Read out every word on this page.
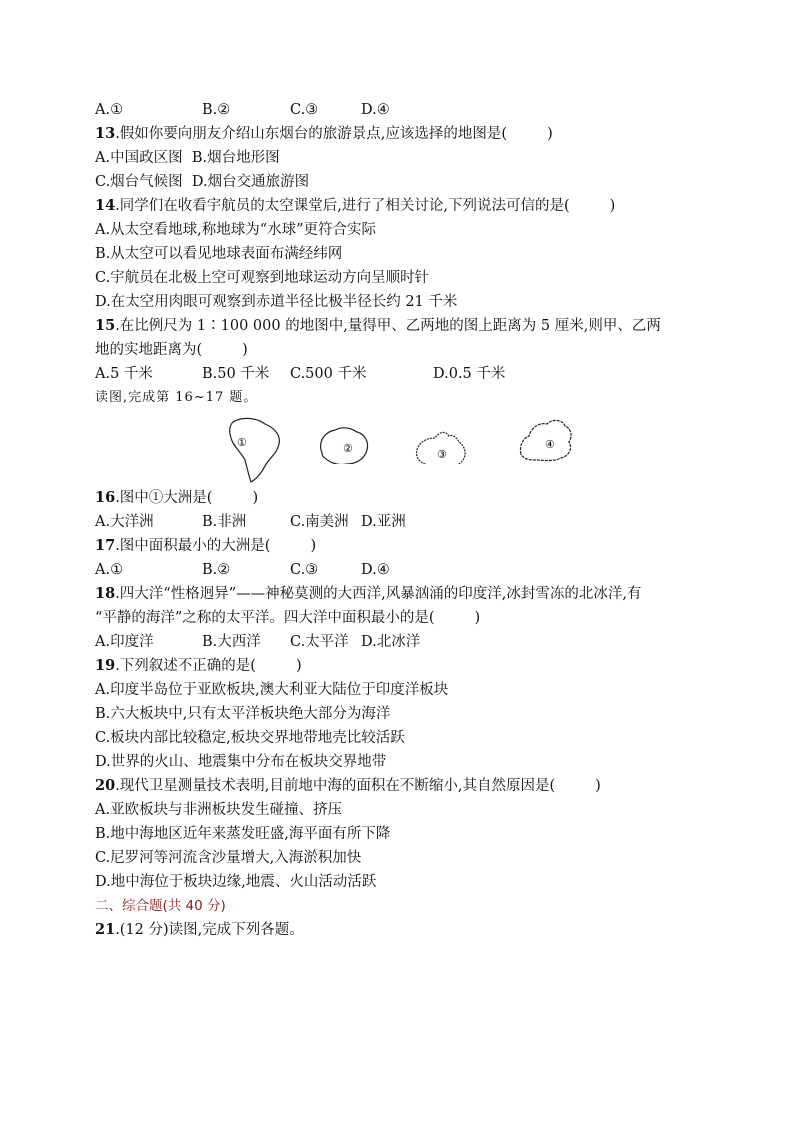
A.①	B.②	C.③	D.④
13.假如你要向朋友介绍山东烟台的旅游景点,应该选择的地图是(	)
A.中国政区图 B.烟台地形图
C.烟台气候图 D.烟台交通旅游图
14.同学们在收看宇航员的太空课堂后,进行了相关讨论,下列说法可信的是(	)
A.从太空看地球,称地球为“水球”更符合实际
B.从太空可以看见地球表面布满经纬网
C.宇航员在北极上空可观察到地球运动方向呈顺时针
D.在太空用肉眼可观察到赤道半径比极半径长约 21 千米
15.在比例尺为 1∶100 000 的地图中,量得甲、乙两地的图上距离为 5 厘米,则甲、乙两
地的实地距离为(	)
A.5 千米	B.50 千米 C.500 千米	D.0.5 千米
读图,完成第 16~17 题。
①	②	③
④
16.图中①大洲是(	)
A.大洋洲	B.非洲	C.南美洲 D.亚洲
17.图中面积最小的大洲是(	)
A.①	B.②	C.③	D.④
18.四大洋“性格迥异”——神秘莫测的大西洋,风暴汹涌的印度洋,冰封雪冻的北冰洋,有
“平静的海洋”之称的太平洋。四大洋中面积最小的是(	)
A.印度洋	B.大西洋 C.太平洋 D.北冰洋
19.下列叙述不正确的是(	)
A.印度半岛位于亚欧板块,澳大利亚大陆位于印度洋板块
B.六大板块中,只有太平洋板块绝大部分为海洋
C.板块内部比较稳定,板块交界地带地壳比较活跃
D.世界的火山、地震集中分布在板块交界地带
20.现代卫星测量技术表明,目前地中海的面积在不断缩小,其自然原因是(	)
A.亚欧板块与非洲板块发生碰撞、挤压
B.地中海地区近年来蒸发旺盛,海平面有所下降
C.尼罗河等河流含沙量增大,入海淤积加快
D.地中海位于板块边缘,地震、火山活动活跃
二、综合题(共 40 分)
21.(12 分)读图,完成下列各题。
